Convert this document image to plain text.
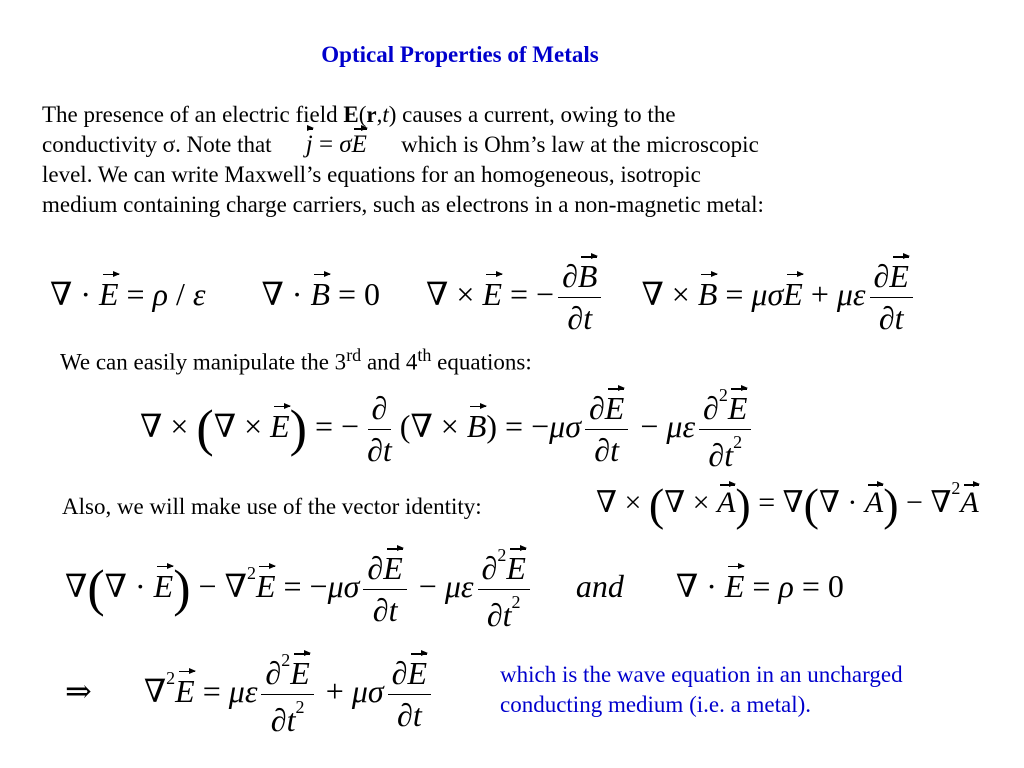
Optical Properties of Metals
The presence of an electric field E(r,t) causes a current, owing to the
conductivity σ. Note that j = σE which is Ohm’s law at the microscopic
level. We can write Maxwell’s equations for an homogeneous, isotropic
medium containing charge carriers, such as electrons in a non-magnetic metal:
∇ · E = ρ / ε ∇ · B = 0 ∇ × E = − $\frac{\partial B}{\partial t}$ ∇ × B = μσE + με $\frac{\partial E}{\partial t}$
We can easily manipulate the 3rd and 4th equations:
∇ × (∇ × E) = − $\frac{\partial}{\partial t}$ (∇ × $B) = -\mu\sigma \frac{\partial E}{\partial t} - \mu\varepsilon \frac{\partial^2E}{\partial t^2}$
Also, we will make use of the vector identity:	∇ × (∇ × A) = ∇(∇ · A) − ∇$^2$A
∇(∇ · $E) - \nabla^2E = -\mu\sigma \frac{\partial E}{\partial t} - \mu\varepsilon \frac{\partial^2E}{\partial t^2}$ and ∇ · E = ρ = 0
⇒  ∇$^2$E = με $\frac{\partial^2E}{\partial t^2} + \mu\sigma \frac{\partial E}{\partial t}$	which is the wave equation in an uncharged
conducting medium (i.e. a metal).
